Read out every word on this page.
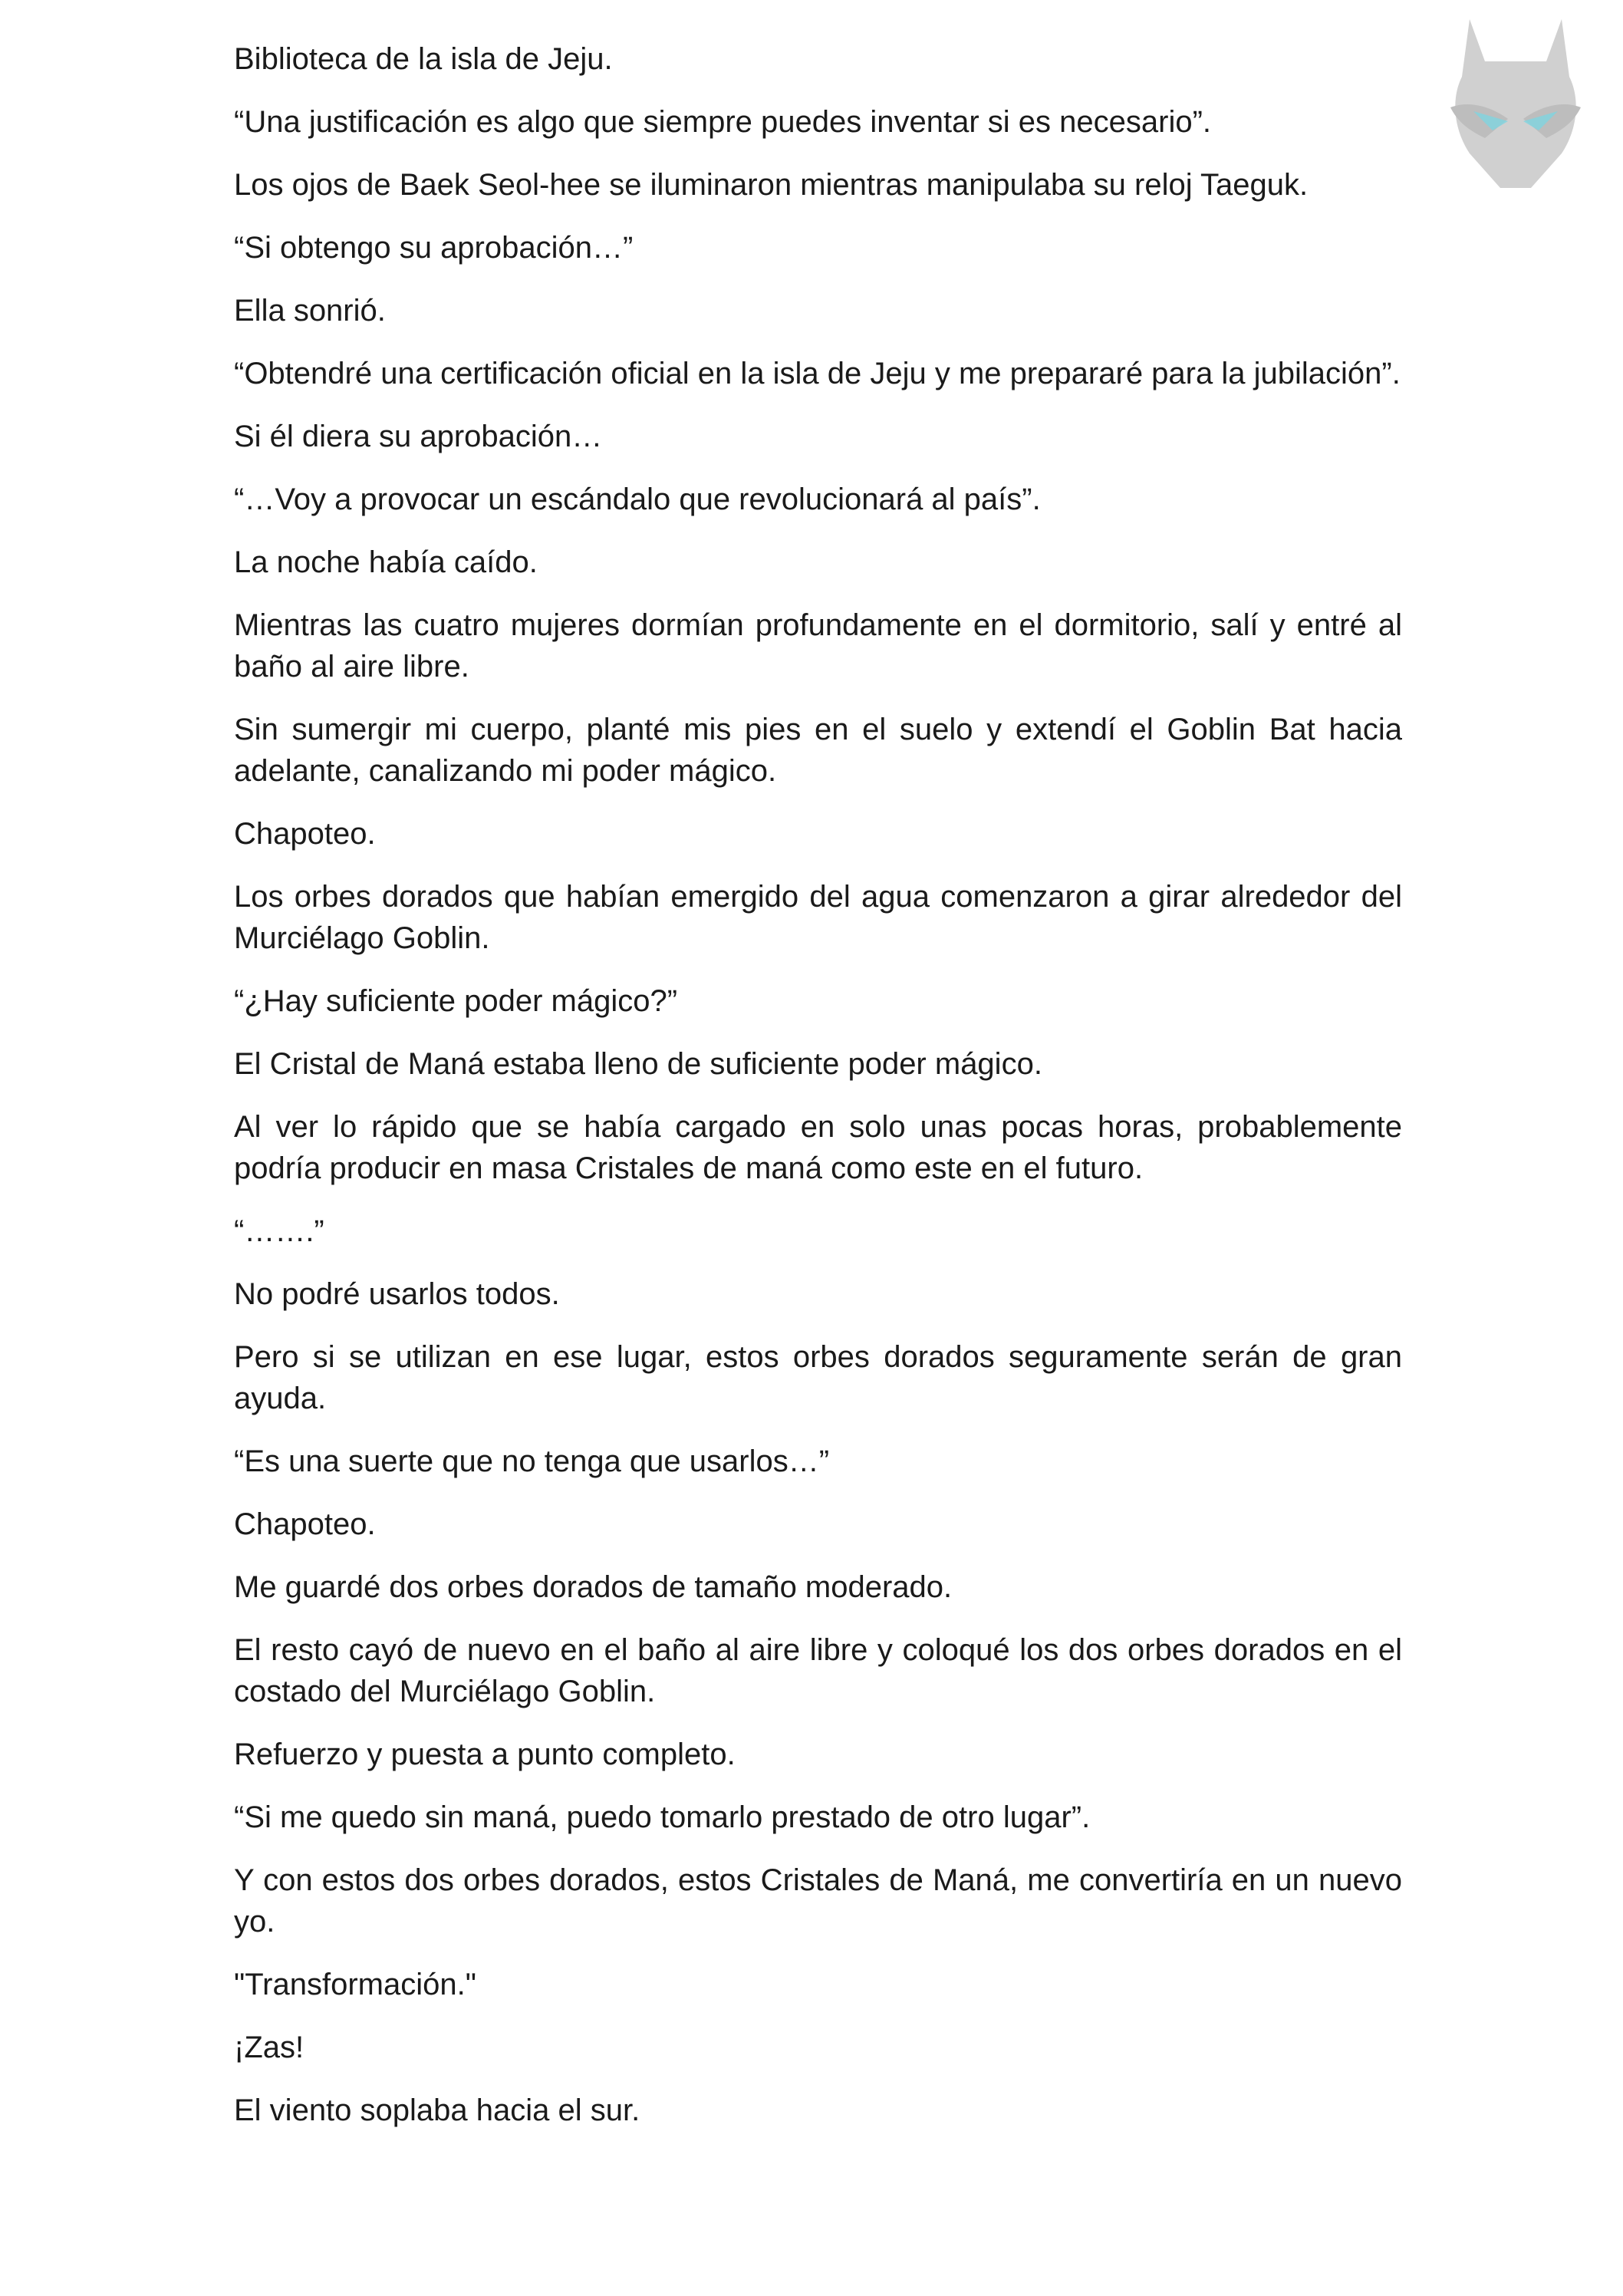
Biblioteca de la isla de Jeju.

“Una justificación es algo que siempre puedes inventar si es necesario”.

Los ojos de Baek Seol-hee se iluminaron mientras manipulaba su reloj Taeguk.

“Si obtengo su aprobación…”

Ella sonrió.

“Obtendré una certificación oficial en la isla de Jeju y me prepararé para la jubilación”.

Si él diera su aprobación…

“…Voy a provocar un escándalo que revolucionará al país”.

La noche había caído.

Mientras las cuatro mujeres dormían profundamente en el dormitorio, salí y entré al baño al aire libre.

Sin sumergir mi cuerpo, planté mis pies en el suelo y extendí el Goblin Bat hacia adelante, canalizando mi poder mágico.

Chapoteo.

Los orbes dorados que habían emergido del agua comenzaron a girar alrededor del Murciélago Goblin.

“¿Hay suficiente poder mágico?”

El Cristal de Maná estaba lleno de suficiente poder mágico.

Al ver lo rápido que se había cargado en solo unas pocas horas, probablemente podría producir en masa Cristales de maná como este en el futuro.

“…….”

No podré usarlos todos.

Pero si se utilizan en ese lugar, estos orbes dorados seguramente serán de gran ayuda.

“Es una suerte que no tenga que usarlos…”

Chapoteo.

Me guardé dos orbes dorados de tamaño moderado.

El resto cayó de nuevo en el baño al aire libre y coloqué los dos orbes dorados en el costado del Murciélago Goblin.

Refuerzo y puesta a punto completo.

“Si me quedo sin maná, puedo tomarlo prestado de otro lugar”.

Y con estos dos orbes dorados, estos Cristales de Maná, me convertiría en un nuevo yo.

"Transformación."

¡Zas!

El viento soplaba hacia el sur.
